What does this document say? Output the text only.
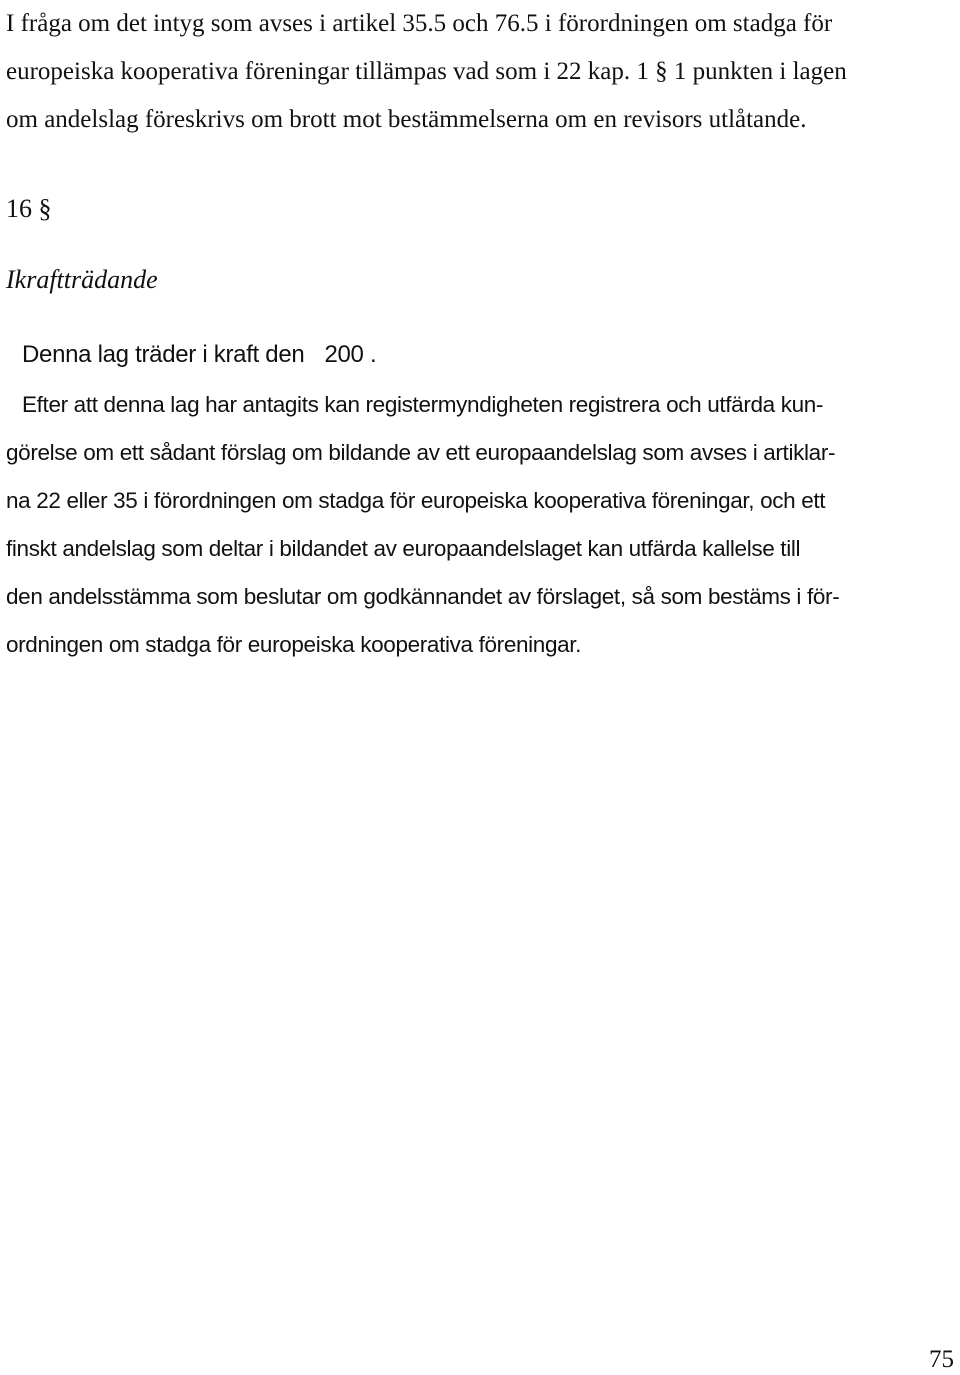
I fråga om det intyg som avses i artikel 35.5 och 76.5 i förordningen om stadga för
europeiska kooperativa föreningar tillämpas vad som i 22 kap. 1 § 1 punkten i lagen
om andelslag föreskrivs om brott mot bestämmelserna om en revisors utlåtande.

16 §

Ikraftträdande

Denna lag träder i kraft den 200 .

Efter att denna lag har antagits kan registermyndigheten registrera och utfärda kun-
görelse om ett sådant förslag om bildande av ett europaandelslag som avses i artiklar-
na 22 eller 35 i förordningen om stadga för europeiska kooperativa föreningar, och ett
finskt andelslag som deltar i bildandet av europaandelslaget kan utfärda kallelse till
den andelsstämma som beslutar om godkännandet av förslaget, så som bestäms i för-
ordningen om stadga för europeiska kooperativa föreningar.

75
